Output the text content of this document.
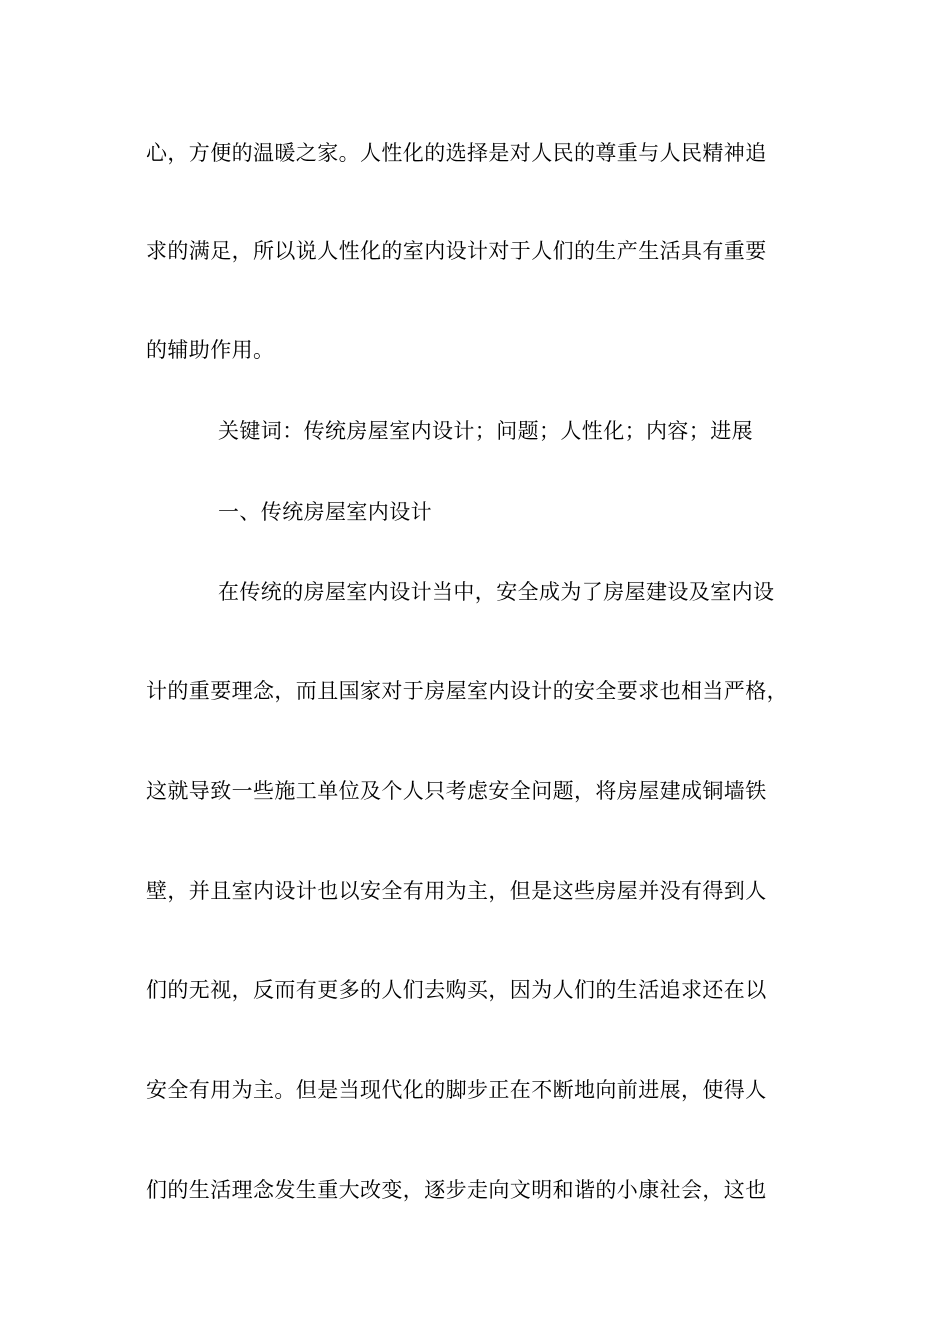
心，方便的温暖之家。人性化的选择是对人民的尊重与人民精神追
求的满足，所以说人性化的室内设计对于人们的生产生活具有重要
的辅助作用。
关键词：传统房屋室内设计；问题；人性化；内容；进展
一、传统房屋室内设计
在传统的房屋室内设计当中，安全成为了房屋建设及室内设
计的重要理念，而且国家对于房屋室内设计的安全要求也相当严格，
这就导致一些施工单位及个人只考虑安全问题，将房屋建成铜墙铁
壁，并且室内设计也以安全有用为主，但是这些房屋并没有得到人
们的无视，反而有更多的人们去购买，因为人们的生活追求还在以
安全有用为主。但是当现代化的脚步正在不断地向前进展，使得人
们的生活理念发生重大改变，逐步走向文明和谐的小康社会，这也
